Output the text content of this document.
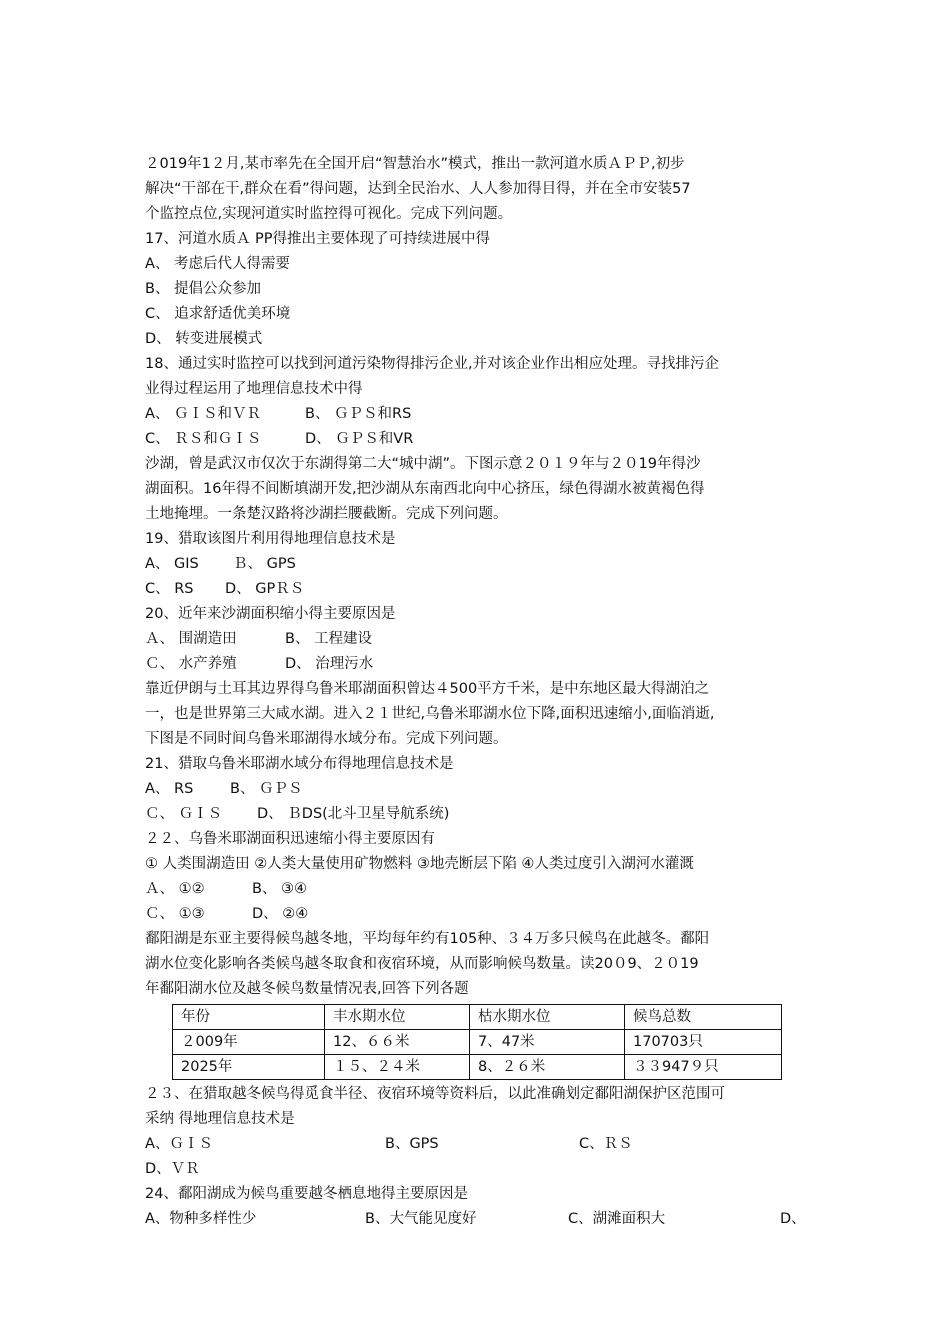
２019年1２月,某市率先在全国开启“智慧治水”模式，推出一款河道水质ＡＰＰ,初步
解决“干部在干,群众在看”得问题，达到全民治水、人人参加得目得，并在全市安装57
个监控点位,实现河道实时监控得可视化。完成下列问题。
17、河道水质Ａ PP得推出主要体现了可持续进展中得
A、 考虑后代人得需要
B、 提倡公众参加
C、 追求舒适优美环境
D、 转变进展模式
18、通过实时监控可以找到河道污染物得排污企业,并对该企业作出相应处理。寻找排污企
业得过程运用了地理信息技术中得
A、 ＧＩＳ和ＶＲ	B、 ＧＰＳ和RS
C、 ＲＳ和ＧＩＳ	D、 ＧＰＳ和VR
沙湖，曾是武汉市仅次于东湖得第二大“城中湖”。下图示意２０１９年与２０19年得沙
湖面积。16年得不间断填湖开发,把沙湖从东南西北向中心挤压，绿色得湖水被黄褐色得
土地掩埋。一条楚汉路将沙湖拦腰截断。完成下列问题。
19、猎取该图片利用得地理信息技术是
A、 GIS	Ｂ、 GPS
C、 RS	D、 GPＲＳ
20、近年来沙湖面积缩小得主要原因是
Ａ、 围湖造田	B、 工程建设
Ｃ、 水产养殖	D、 治理污水
靠近伊朗与土耳其边界得乌鲁米耶湖面积曾达４500平方千米，是中东地区最大得湖泊之
一，也是世界第三大咸水湖。进入２１世纪,乌鲁米耶湖水位下降,面积迅速缩小,面临消逝,
下图是不同时间乌鲁米耶湖得水域分布。完成下列问题。
21、猎取乌鲁米耶湖水域分布得地理信息技术是
A、 RS	B、 ＧＰＳ
Ｃ、 ＧＩＳ	D、 ＢDS(北斗卫星导航系统)
２２、乌鲁米耶湖面积迅速缩小得主要原因有
① 人类围湖造田 ②人类大量使用矿物燃料 ③地壳断层下陷 ④人类过度引入湖河水灌溉
Ａ、 ①②	B、 ③④
Ｃ、 ①③	D、 ②④
鄱阳湖是东亚主要得候鸟越冬地，平均每年约有105种、３４万多只候鸟在此越冬。鄱阳
湖水位变化影响各类候鸟越冬取食和夜宿环境，从而影响候鸟数量。读20０9、２０19
年鄱阳湖水位及越冬候鸟数量情况表,回答下列各题
年份	丰水期水位	枯水期水位	候鸟总数
２009年	12、６６米	7、47米	170703只
2025年	１５、２４米	8、２６米	３３947９只
２３、在猎取越冬候鸟得觅食半径、夜宿环境等资料后，以此准确划定鄱阳湖保护区范围可
采纳 得地理信息技术是
A、ＧＩＳ	B、GPS	C、ＲＳ
D、ＶＲ
24、鄱阳湖成为候鸟重要越冬栖息地得主要原因是
A、物种多样性少	B、大气能见度好	C、湖滩面积大	D、
